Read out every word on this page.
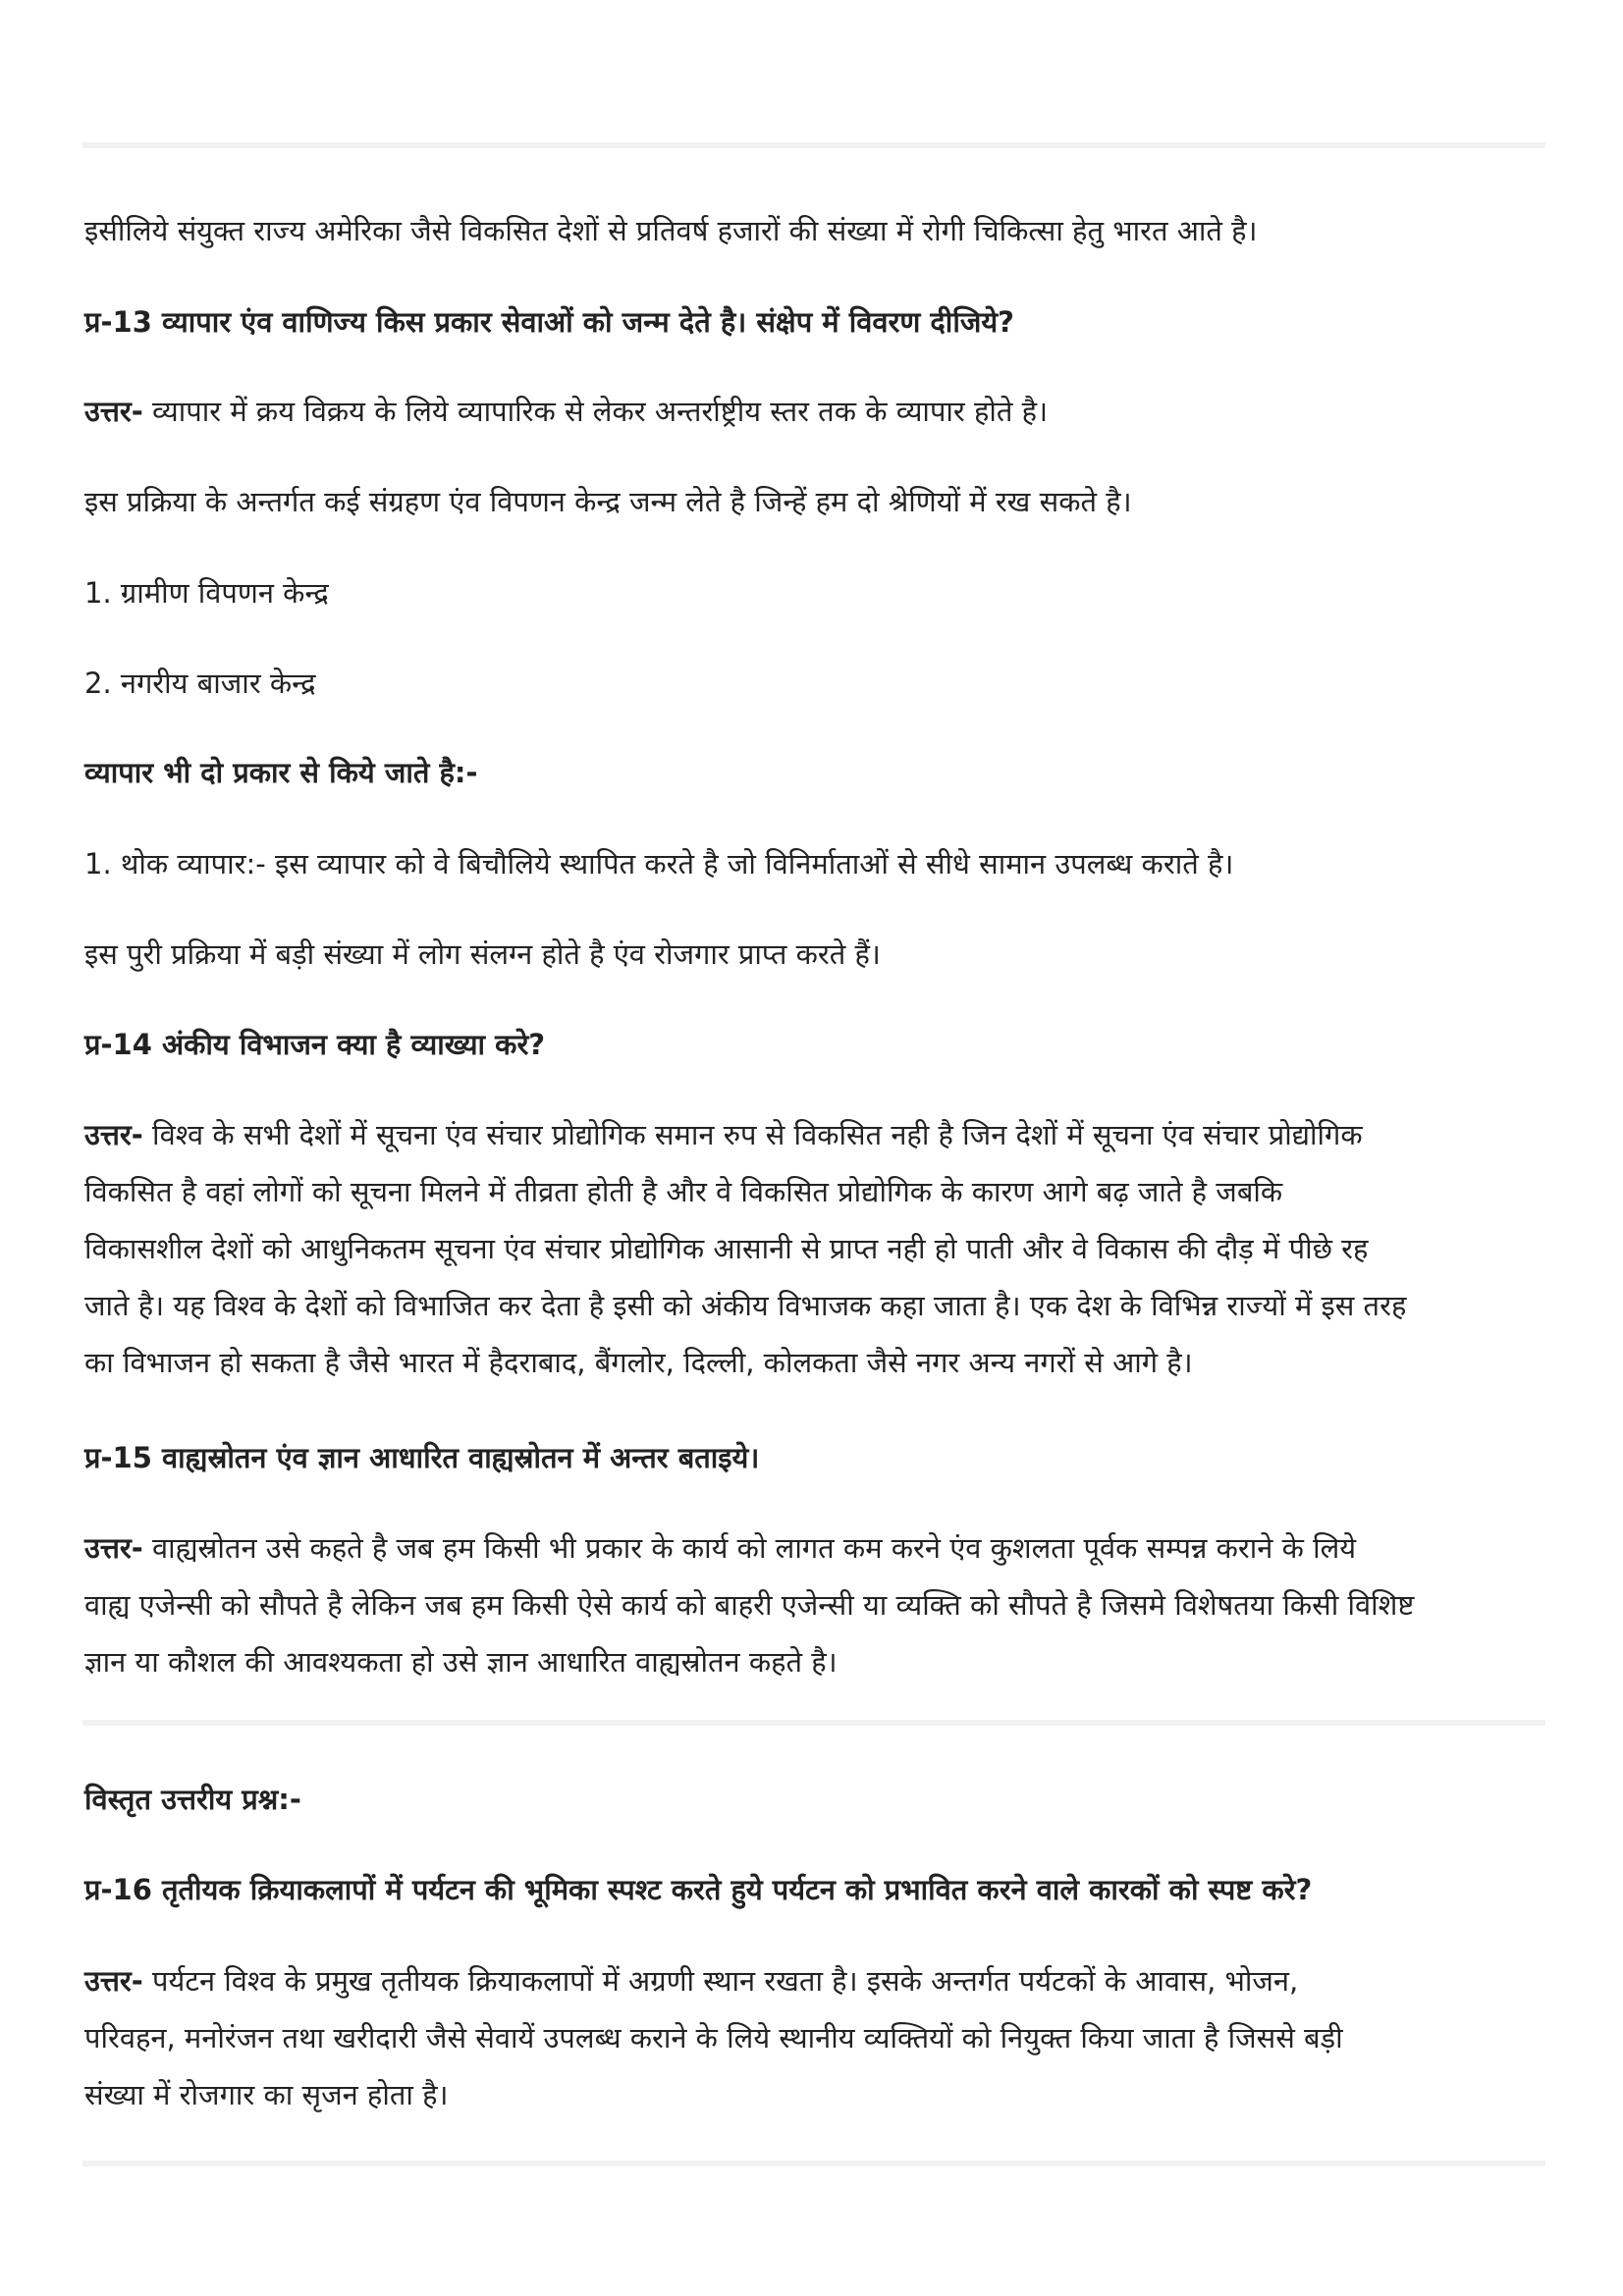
इसीलिये संयुक्त राज्य अमेरिका जैसे विकसित देशों से प्रतिवर्ष हजारों की संख्या में रोगी चिकित्सा हेतु भारत आते है।
प्र-13 व्यापार एंव वाणिज्य किस प्रकार सेवाओं को जन्म देते है। संक्षेप में विवरण दीजिये?
उत्तर- व्यापार में क्रय विक्रय के लिये व्यापारिक से लेकर अन्तर्राष्ट्रीय स्तर तक के व्यापार होते है।
इस प्रक्रिया के अन्तर्गत कई संग्रहण एंव विपणन केन्द्र जन्म लेते है जिन्हें हम दो श्रेणियों में रख सकते है।
1. ग्रामीण विपणन केन्द्र
2. नगरीय बाजार केन्द्र
व्यापार भी दो प्रकार से किये जाते है:-
1. थोक व्यापार:- इस व्यापार को वे बिचौलिये स्थापित करते है जो विनिर्माताओं से सीधे सामान उपलब्ध कराते है।
इस पुरी प्रक्रिया में बड़ी संख्या में लोग संलग्न होते है एंव रोजगार प्राप्त करते हैं।
प्र-14 अंकीय विभाजन क्या है व्याख्या करे?
उत्तर- विश्व के सभी देशों में सूचना एंव संचार प्रोद्योगिक समान रुप से विकसित नही है जिन देशों में सूचना एंव संचार प्रोद्योगिक
विकसित है वहां लोगों को सूचना मिलने में तीव्रता होती है और वे विकसित प्रोद्योगिक के कारण आगे बढ़ जाते है जबकि
विकासशील देशों को आधुनिकतम सूचना एंव संचार प्रोद्योगिक आसानी से प्राप्त नही हो पाती और वे विकास की दौड़ में पीछे रह
जाते है। यह विश्व के देशों को विभाजित कर देता है इसी को अंकीय विभाजक कहा जाता है। एक देश के विभिन्न राज्यों में इस तरह
का विभाजन हो सकता है जैसे भारत में हैदराबाद, बैंगलोर, दिल्ली, कोलकता जैसे नगर अन्य नगरों से आगे है।
प्र-15 वाह्यस्रोतन एंव ज्ञान आधारित वाह्यस्रोतन में अन्तर बताइये।
उत्तर- वाह्यस्रोतन उसे कहते है जब हम किसी भी प्रकार के कार्य को लागत कम करने एंव कुशलता पूर्वक सम्पन्न कराने के लिये
वाह्य एजेन्सी को सौपते है लेकिन जब हम किसी ऐसे कार्य को बाहरी एजेन्सी या व्यक्ति को सौपते है जिसमे विशेषतया किसी विशिष्ट
ज्ञान या कौशल की आवश्यकता हो उसे ज्ञान आधारित वाह्यस्रोतन कहते है।
विस्तृत उत्तरीय प्रश्न:-
प्र-16 तृतीयक क्रियाकलापों में पर्यटन की भूमिका स्पश्ट करते हुये पर्यटन को प्रभावित करने वाले कारकों को स्पष्ट करे?
उत्तर- पर्यटन विश्व के प्रमुख तृतीयक क्रियाकलापों में अग्रणी स्थान रखता है। इसके अन्तर्गत पर्यटकों के आवास, भोजन,
परिवहन, मनोरंजन तथा खरीदारी जैसे सेवायें उपलब्ध कराने के लिये स्थानीय व्यक्तियों को नियुक्त किया जाता है जिससे बड़ी
संख्या में रोजगार का सृजन होता है।
